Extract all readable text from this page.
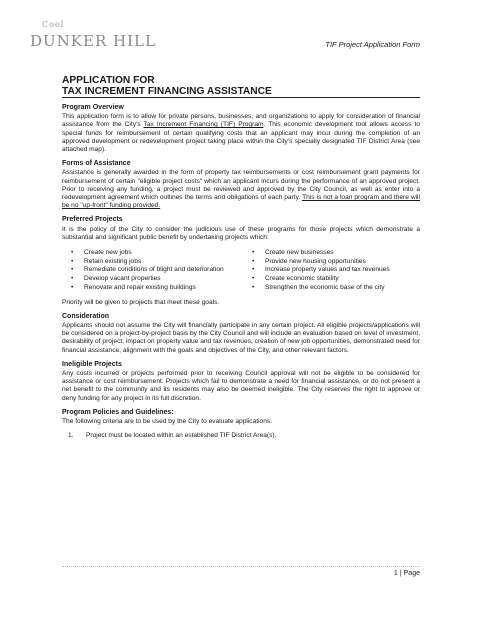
Cool
DUNKER HILL	TIF Project Application Form
APPLICATION FOR
TAX INCREMENT FINANCING ASSISTANCE
Program Overview

This application form is to allow for private persons, businesses, and organizations to apply for consideration of financial assistance from the City's Tax Increment Financing (TIF) Program. This economic development tool allows access to special funds for reimbursement of certain qualifying costs that an applicant may incur during the completion of an approved development or redevelopment project taking place within the City's specially designated TIF District Area (see attached map).

Forms of Assistance

Assistance is generally awarded in the form of property tax reimbursements or cost reimbursement grant payments for reimbursement of certain "eligible project costs" which an applicant incurs during the performance of an approved project. Prior to receiving any funding, a project must be reviewed and approved by the City Council, as well as enter into a redevelopment agreement which outlines the terms and obligations of each party. This is not a loan program and there will be no "up-front" funding provided.

Preferred Projects

It is the policy of the City to consider the judicious use of these programs for those projects which demonstrate a substantial and significant public benefit by undertaking projects which:

• Create new jobs
• Retain existing jobs
• Remediate conditions of blight and deterioration
• Develop vacant properties
• Renovate and repair existing buildings
• Create new businesses
• Provide new housing opportunities
• Increase property values and tax revenues
• Create economic stability
• Strengthen the economic base of the city

Priority will be given to projects that meet these goals.

Consideration

Applicants should not assume the City will financially participate in any certain project. All eligible projects/applications will be considered on a project-by-project basis by the City Council and will include an evaluation based on level of investment, desirability of project, impact on property value and tax revenues, creation of new job opportunities, demonstrated need for financial assistance, alignment with the goals and objectives of the City, and other relevant factors.

Ineligible Projects

Any costs incurred or projects performed prior to receiving Council approval will not be eligible to be considered for assistance or cost reimbursement. Projects which fail to demonstrate a need for financial assistance, or do not present a net benefit to the community and its residents may also be deemed ineligible. The City reserves the right to approve or deny funding for any project in its full discretion.

Program Policies and Guidelines:

The following criteria are to be used by the City to evaluate applications:

1. Project must be located within an established TIF District Area(s).
1 | Page
